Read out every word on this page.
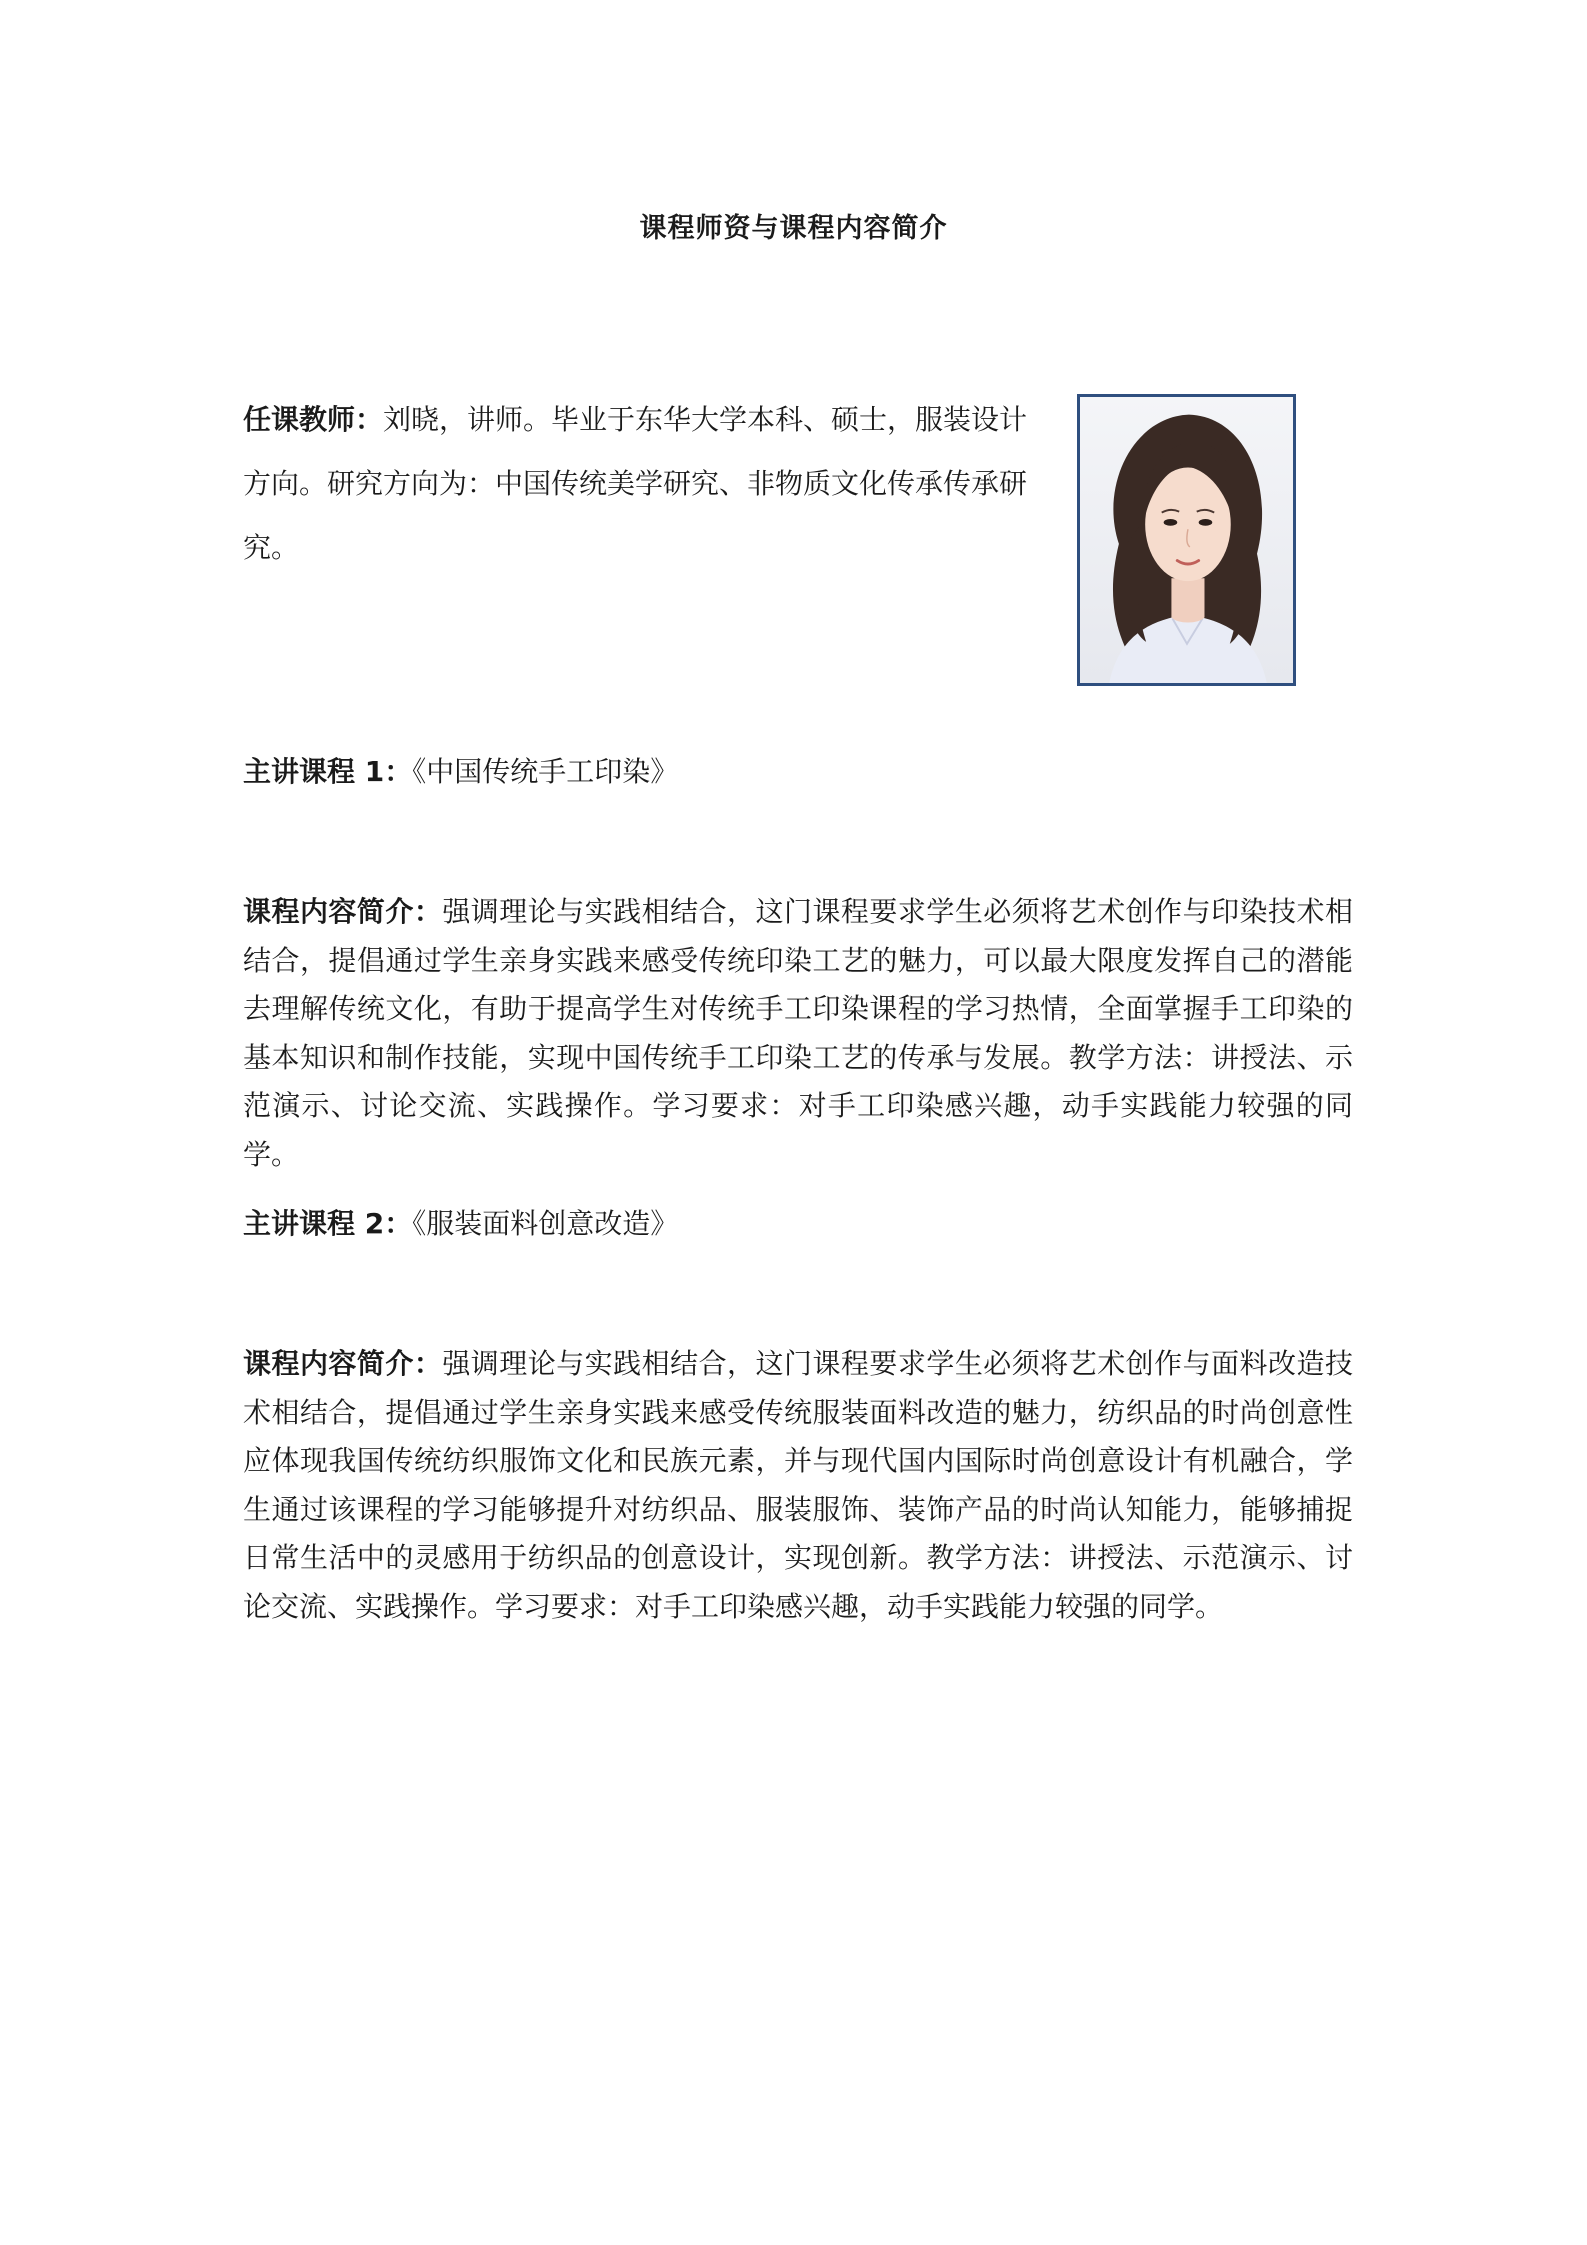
课程师资与课程内容简介

任课教师：刘晓，讲师。毕业于东华大学本科、硕士，服装设计方向。研究方向为：中国传统美学研究、非物质文化传承传承研究。

主讲课程 1：《中国传统手工印染》

课程内容简介：强调理论与实践相结合，这门课程要求学生必须将艺术创作与印染技术相结合，提倡通过学生亲身实践来感受传统印染工艺的魅力，可以最大限度发挥自己的潜能去理解传统文化，有助于提高学生对传统手工印染课程的学习热情，全面掌握手工印染的基本知识和制作技能，实现中国传统手工印染工艺的传承与发展。教学方法：讲授法、示范演示、讨论交流、实践操作。学习要求：对手工印染感兴趣，动手实践能力较强的同学。

主讲课程 2：《服装面料创意改造》

课程内容简介：强调理论与实践相结合，这门课程要求学生必须将艺术创作与面料改造技术相结合，提倡通过学生亲身实践来感受传统服装面料改造的魅力，纺织品的时尚创意性应体现我国传统纺织服饰文化和民族元素，并与现代国内国际时尚创意设计有机融合，学生通过该课程的学习能够提升对纺织品、服装服饰、装饰产品的时尚认知能力，能够捕捉日常生活中的灵感用于纺织品的创意设计，实现创新。教学方法：讲授法、示范演示、讨论交流、实践操作。学习要求：对手工印染感兴趣，动手实践能力较强的同学。
